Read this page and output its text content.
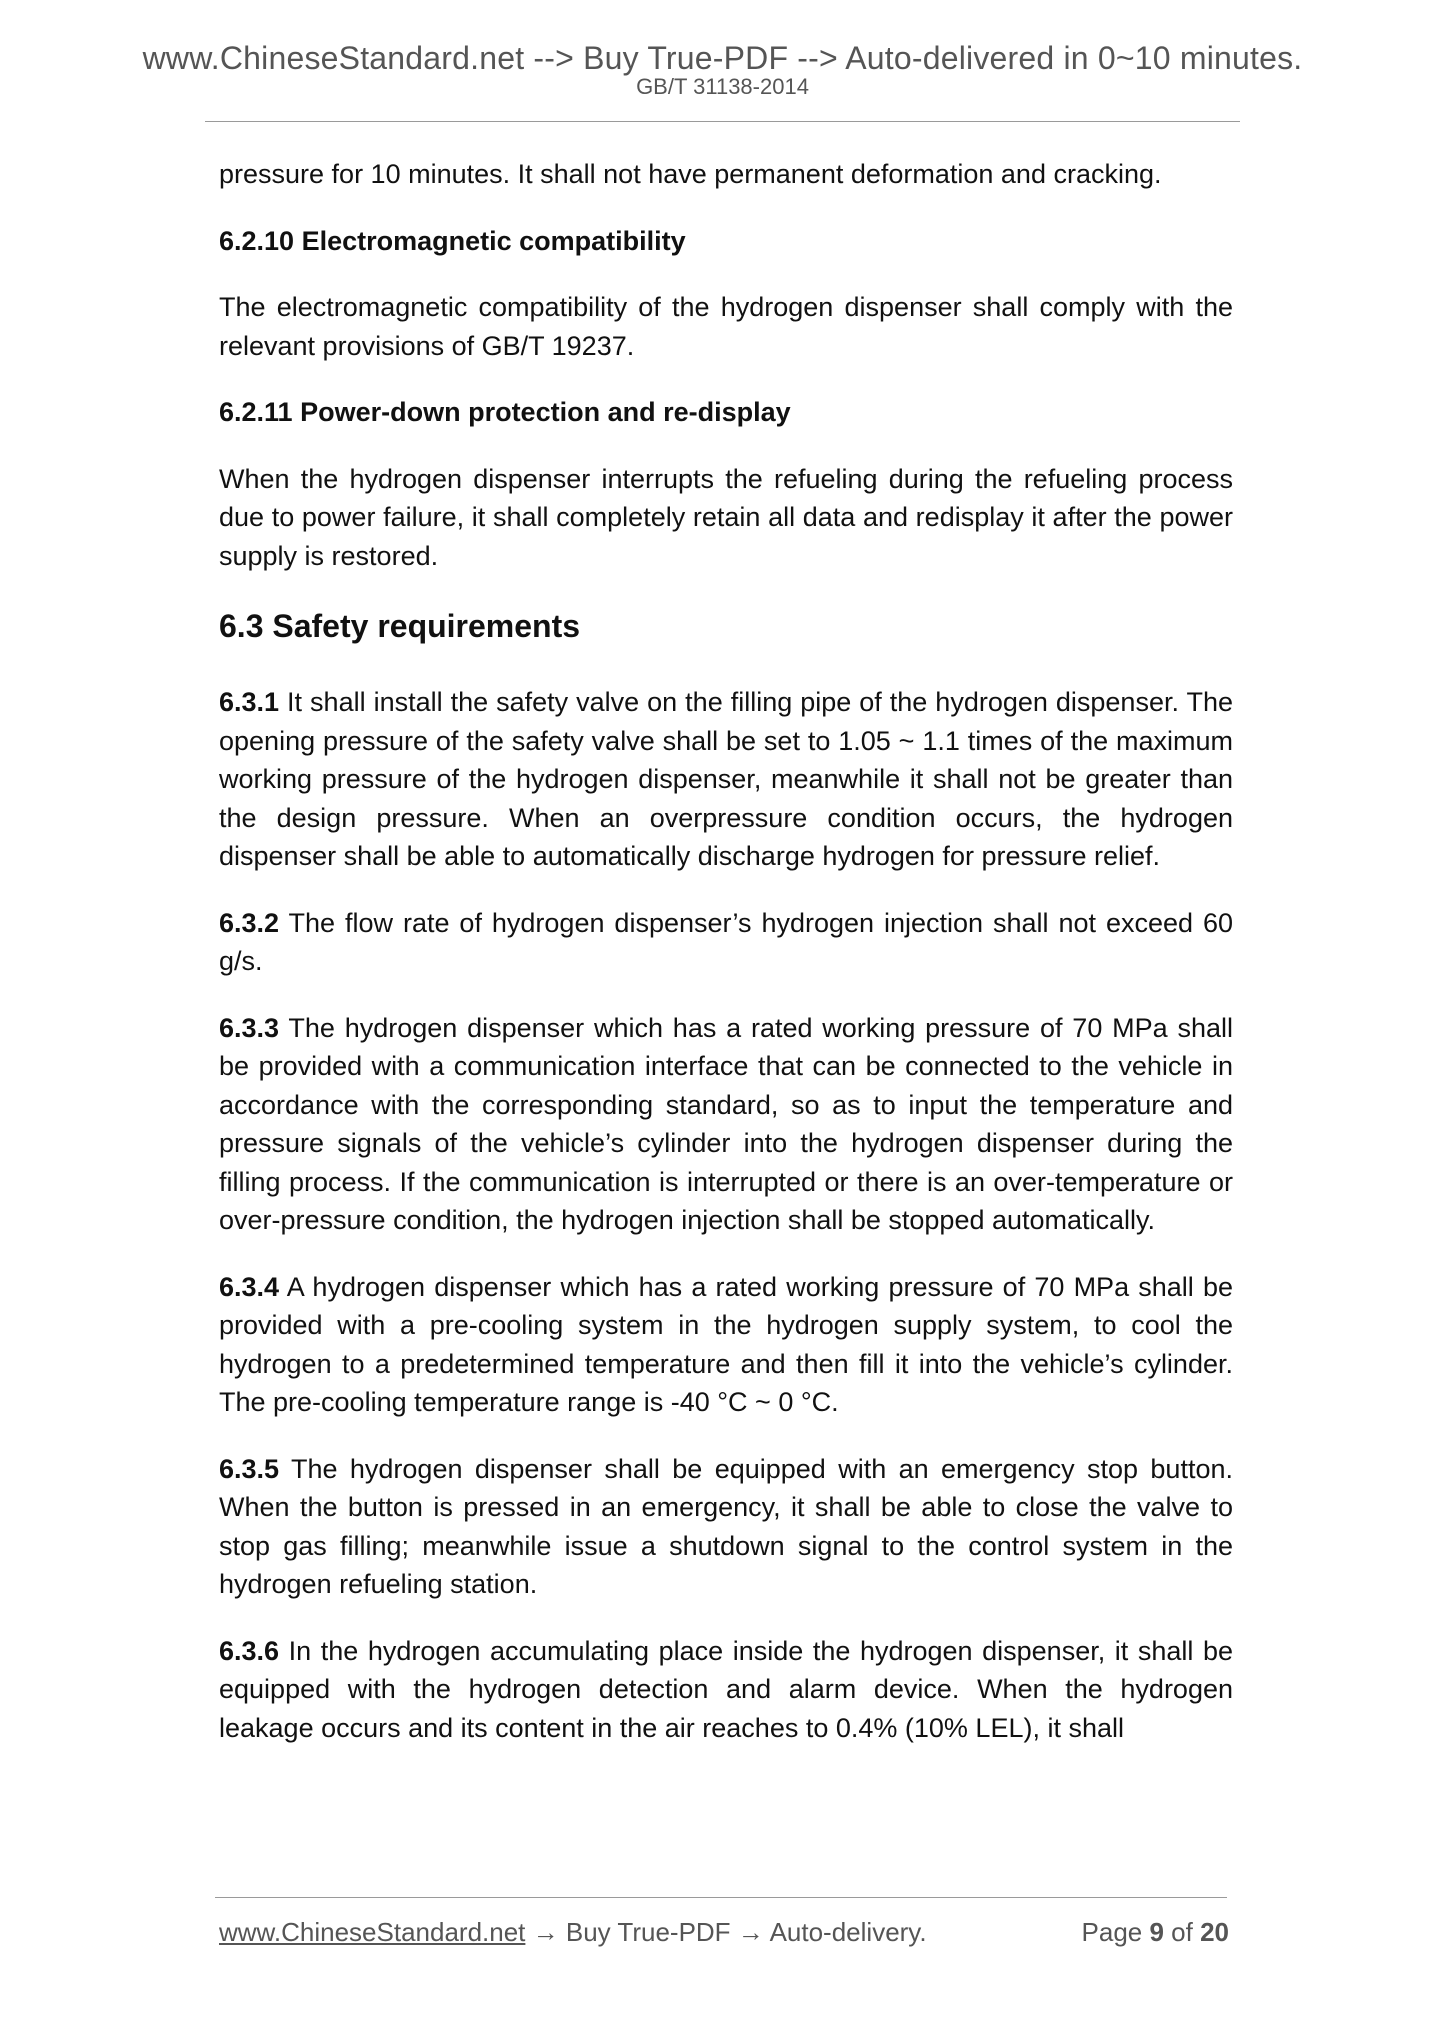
www.ChineseStandard.net --> Buy True-PDF --> Auto-delivered in 0~10 minutes.
GB/T 31138-2014

pressure for 10 minutes. It shall not have permanent deformation and cracking.

6.2.10 Electromagnetic compatibility

The electromagnetic compatibility of the hydrogen dispenser shall comply with the relevant provisions of GB/T 19237.

6.2.11 Power-down protection and re-display

When the hydrogen dispenser interrupts the refueling during the refueling process due to power failure, it shall completely retain all data and redisplay it after the power supply is restored.

6.3 Safety requirements

6.3.1 It shall install the safety valve on the filling pipe of the hydrogen dispenser. The opening pressure of the safety valve shall be set to 1.05 ~ 1.1 times of the maximum working pressure of the hydrogen dispenser, meanwhile it shall not be greater than the design pressure. When an overpressure condition occurs, the hydrogen dispenser shall be able to automatically discharge hydrogen for pressure relief.

6.3.2 The flow rate of hydrogen dispenser’s hydrogen injection shall not exceed 60 g/s.

6.3.3 The hydrogen dispenser which has a rated working pressure of 70 MPa shall be provided with a communication interface that can be connected to the vehicle in accordance with the corresponding standard, so as to input the temperature and pressure signals of the vehicle’s cylinder into the hydrogen dispenser during the filling process. If the communication is interrupted or there is an over-temperature or over-pressure condition, the hydrogen injection shall be stopped automatically.

6.3.4 A hydrogen dispenser which has a rated working pressure of 70 MPa shall be provided with a pre-cooling system in the hydrogen supply system, to cool the hydrogen to a predetermined temperature and then fill it into the vehicle’s cylinder. The pre-cooling temperature range is -40 °C ~ 0 °C.

6.3.5 The hydrogen dispenser shall be equipped with an emergency stop button. When the button is pressed in an emergency, it shall be able to close the valve to stop gas filling; meanwhile issue a shutdown signal to the control system in the hydrogen refueling station.

6.3.6 In the hydrogen accumulating place inside the hydrogen dispenser, it shall be equipped with the hydrogen detection and alarm device. When the hydrogen leakage occurs and its content in the air reaches to 0.4% (10% LEL), it shall

www.ChineseStandard.net → Buy True-PDF → Auto-delivery.	Page 9 of 20
